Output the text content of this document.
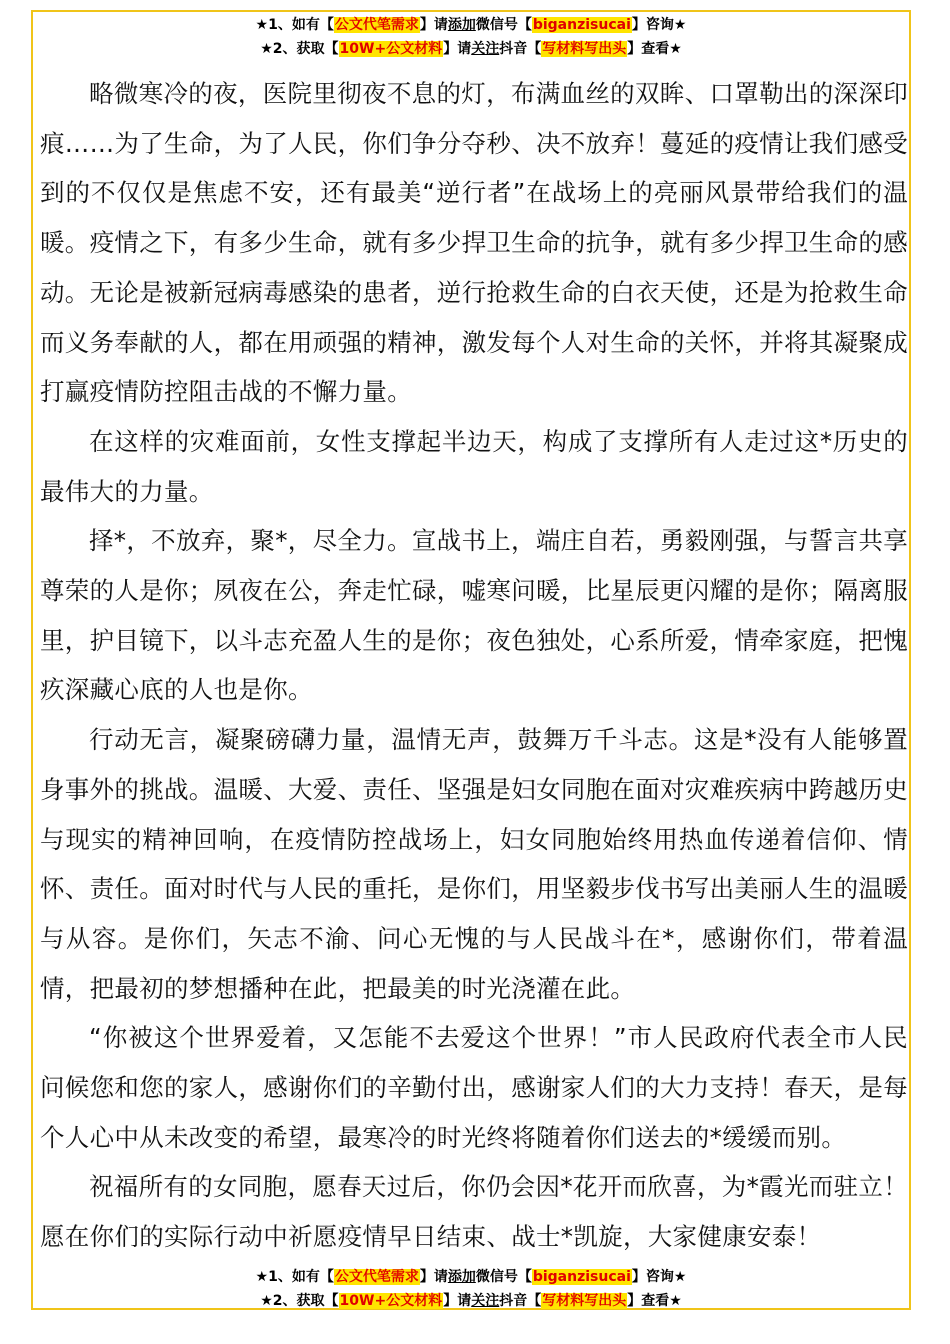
★1、如有【公文代笔需求】请添加微信号【biganzisucai】咨询★
★2、获取【10W+公文材料】请关注抖音【写材料写出头】查看★

略微寒冷的夜，医院里彻夜不息的灯，布满血丝的双眸、口罩勒出的深深印痕……为了生命，为了人民，你们争分夺秒、决不放弃！蔓延的疫情让我们感受到的不仅仅是焦虑不安，还有最美“逆行者”在战场上的亮丽风景带给我们的温暖。疫情之下，有多少生命，就有多少捍卫生命的抗争，就有多少捍卫生命的感动。无论是被新冠病毒感染的患者，逆行抢救生命的白衣天使，还是为抢救生命而义务奉献的人，都在用顽强的精神，激发每个人对生命的关怀，并将其凝聚成打赢疫情防控阻击战的不懈力量。

在这样的灾难面前，女性支撑起半边天，构成了支撑所有人走过这*历史的最伟大的力量。

择*，不放弃，聚*，尽全力。宣战书上，端庄自若，勇毅刚强，与誓言共享尊荣的人是你；夙夜在公，奔走忙碌，嘘寒问暖，比星辰更闪耀的是你；隔离服里，护目镜下，以斗志充盈人生的是你；夜色独处，心系所爱，情牵家庭，把愧疚深藏心底的人也是你。

行动无言，凝聚磅礴力量，温情无声，鼓舞万千斗志。这是*没有人能够置身事外的挑战。温暖、大爱、责任、坚强是妇女同胞在面对灾难疾病中跨越历史与现实的精神回响，在疫情防控战场上，妇女同胞始终用热血传递着信仰、情怀、责任。面对时代与人民的重托，是你们，用坚毅步伐书写出美丽人生的温暖与从容。是你们，矢志不渝、问心无愧的与人民战斗在*，感谢你们，带着温情，把最初的梦想播种在此，把最美的时光浇灌在此。

“你被这个世界爱着，又怎能不去爱这个世界！”市人民政府代表全市人民问候您和您的家人，感谢你们的辛勤付出，感谢家人们的大力支持！春天，是每个人心中从未改变的希望，最寒冷的时光终将随着你们送去的*缓缓而别。

祝福所有的女同胞，愿春天过后，你仍会因*花开而欣喜，为*霞光而驻立！愿在你们的实际行动中祈愿疫情早日结束、战士*凯旋，大家健康安泰！

★1、如有【公文代笔需求】请添加微信号【biganzisucai】咨询★
★2、获取【10W+公文材料】请关注抖音【写材料写出头】查看★
